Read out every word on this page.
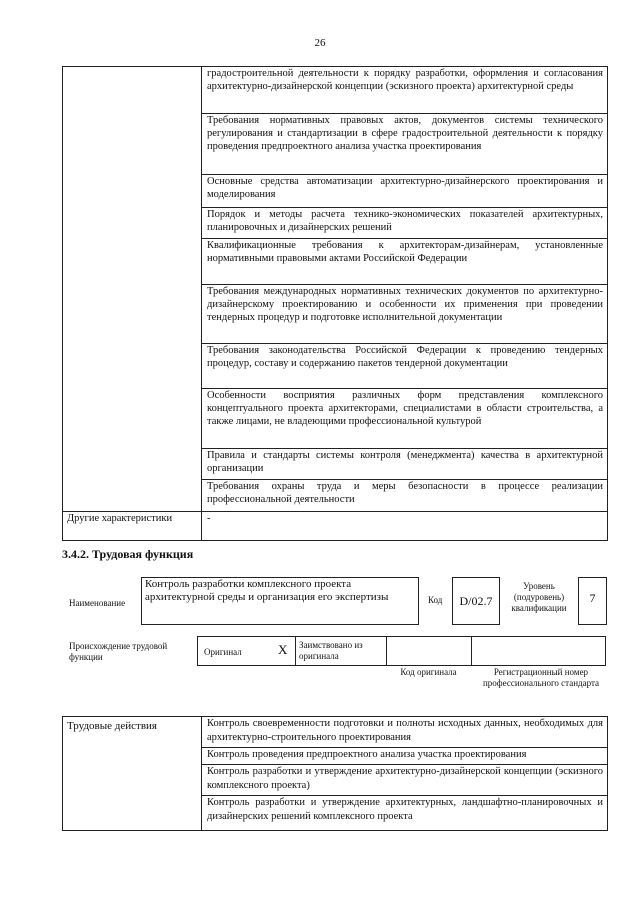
26
	градостроительной деятельности к порядку разработки, оформления и согласования архитектурно-дизайнерской концепции (эскизного проекта) архитектурной среды
	Требования нормативных правовых актов, документов системы технического регулирования и стандартизации в сфере градостроительной деятельности к порядку проведения предпроектного анализа участка проектирования
	Основные средства автоматизации архитектурно-дизайнерского проектирования и моделирования
	Порядок и методы расчета технико-экономических показателей архитектурных, планировочных и дизайнерских решений
	Квалификационные требования к архитекторам-дизайнерам, установленные нормативными правовыми актами Российской Федерации
	Требования международных нормативных технических документов по архитектурно-дизайнерскому проектированию и особенности их применения при проведении тендерных процедур и подготовке исполнительной документации
	Требования законодательства Российской Федерации к проведению тендерных процедур, составу и содержанию пакетов тендерной документации
	Особенности восприятия различных форм представления комплексного концептуального проекта архитекторами, специалистами в области строительства, а также лицами, не владеющими профессиональной культурой
	Правила и стандарты системы контроля (менеджмента) качества в архитектурной организации
	Требования охраны труда и меры безопасности в процессе реализации профессиональной деятельности
Другие характеристики	-
3.4.2. Трудовая функция
Наименование
Контроль разработки комплексного проекта архитектурной среды и организация его экспертизы	Код	D/02.7
Уровень (подуровень) квалификации
7
Происхождение трудовой функции	Оригинал	X Заимствовано из оригинала
Код оригинала	Регистрационный номер профессионального стандарта
Трудовые действия	Контроль своевременности подготовки и полноты исходных данных, необходимых для архитектурно-строительного проектирования
Контроль проведения предпроектного анализа участка проектирования
Контроль разработки и утверждение архитектурно-дизайнерской концепции (эскизного комплексного проекта)
Контроль разработки и утверждение архитектурных, ландшафтно-планировочных и дизайнерских решений комплексного проекта
